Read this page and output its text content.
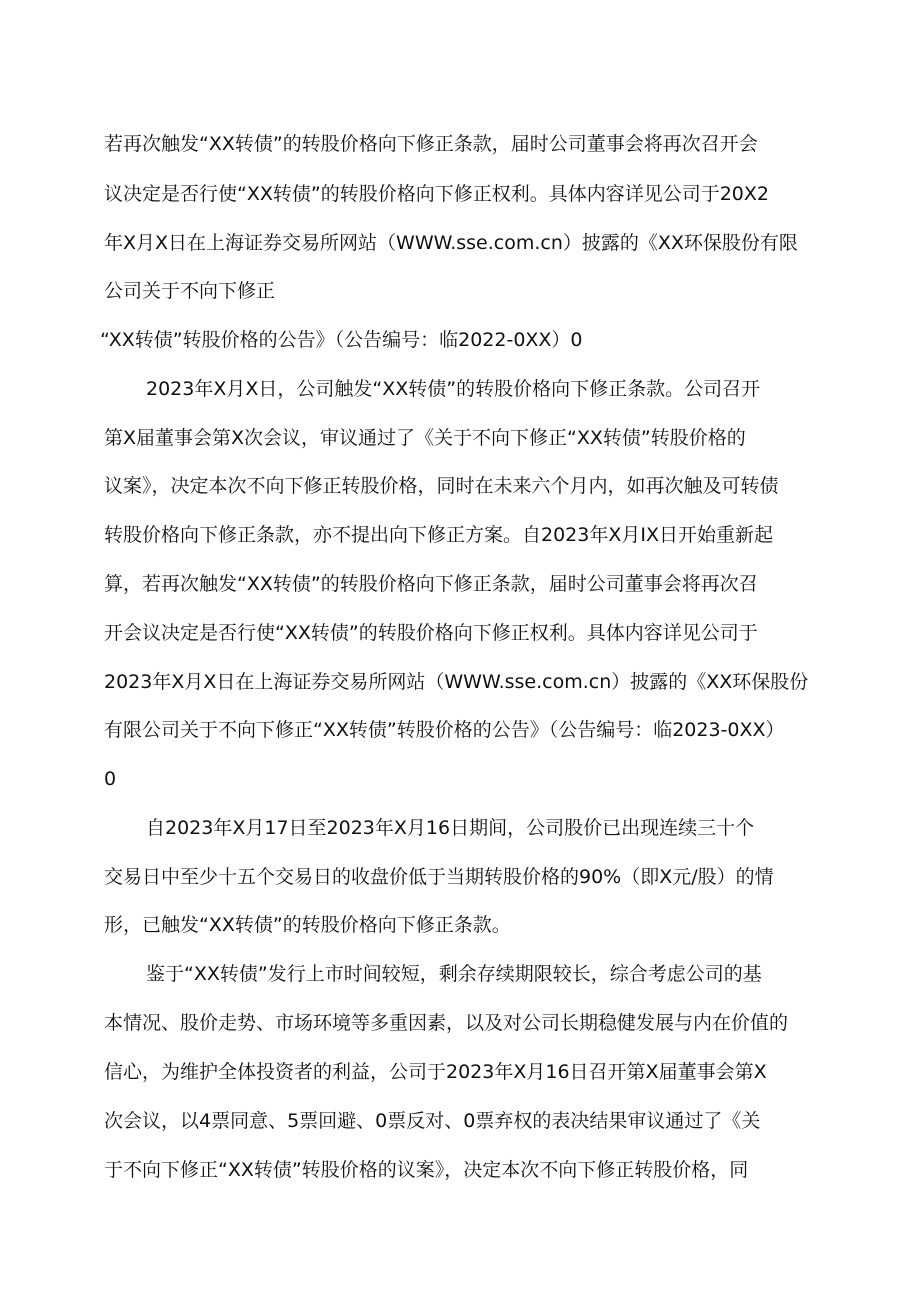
若再次触发“XX转债”的转股价格向下修正条款，届时公司董事会将再次召开会
议决定是否行使“XX转债”的转股价格向下修正权利。具体内容详见公司于20X2
年X月X日在上海证券交易所网站（WWW.sse.com.cn）披露的《XX环保股份有限
公司关于不向下修正
“XX转债”转股价格的公告》（公告编号：临2022-0XX）0
2023年X月X日，公司触发“XX转债”的转股价格向下修正条款。公司召开
第X届董事会第X次会议，审议通过了《关于不向下修正“XX转债”转股价格的
议案》，决定本次不向下修正转股价格，同时在未来六个月内，如再次触及可转债
转股价格向下修正条款，亦不提出向下修正方案。自2023年X月IX日开始重新起
算，若再次触发“XX转债”的转股价格向下修正条款，届时公司董事会将再次召
开会议决定是否行使“XX转债”的转股价格向下修正权利。具体内容详见公司于
2023年X月X日在上海证券交易所网站（WWW.sse.com.cn）披露的《XX环保股份
有限公司关于不向下修正“XX转债”转股价格的公告》（公告编号：临2023-0XX）
0
自2023年X月17日至2023年X月16日期间，公司股价已出现连续三十个
交易日中至少十五个交易日的收盘价低于当期转股价格的90%（即X元/股）的情
形，已触发“XX转债”的转股价格向下修正条款。
鉴于“XX转债”发行上市时间较短，剩余存续期限较长，综合考虑公司的基
本情况、股价走势、市场环境等多重因素，以及对公司长期稳健发展与内在价值的
信心，为维护全体投资者的利益，公司于2023年X月16日召开第X届董事会第X
次会议，以4票同意、5票回避、0票反对、0票弃权的表决结果审议通过了《关
于不向下修正“XX转债”转股价格的议案》，决定本次不向下修正转股价格，同
